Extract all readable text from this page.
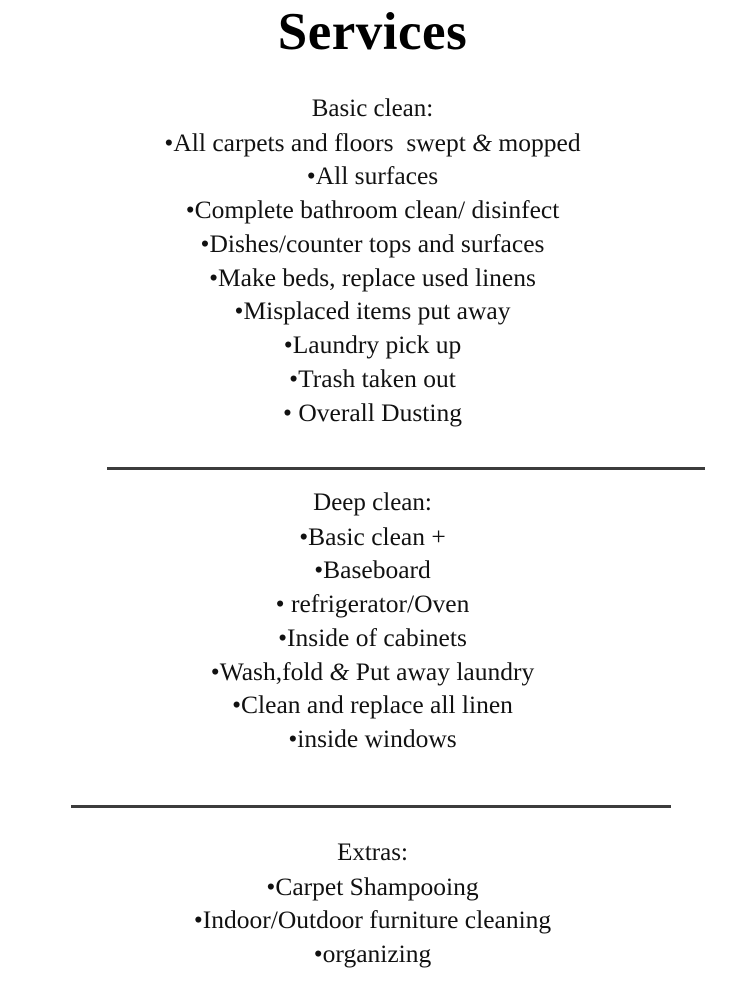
Services
Basic clean:
•All carpets and floors  swept & mopped
•All surfaces
•Complete bathroom clean/ disinfect
•Dishes/counter tops and surfaces
•Make beds, replace used linens
•Misplaced items put away
•Laundry pick up
•Trash taken out
• Overall Dusting
Deep clean:
•Basic clean +
•Baseboard
• refrigerator/Oven
•Inside of cabinets
•Wash,fold & Put away laundry
•Clean and replace all linen
•inside windows
Extras:
•Carpet Shampooing
•Indoor/Outdoor furniture cleaning
•organizing
